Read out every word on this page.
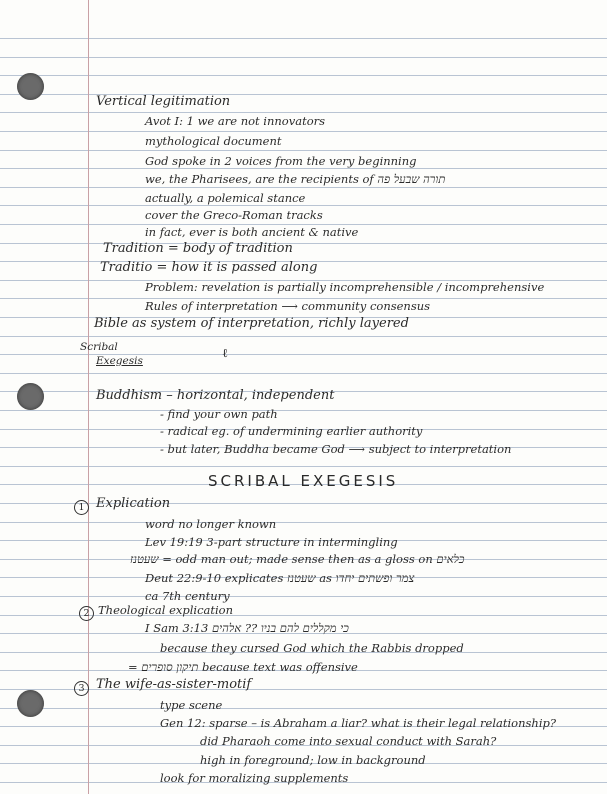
Vertical legitimation
Avot I: 1 we are not innovators
mythological document
God spoke in 2 voices from the very beginning
we, the Pharisees, are the recipients of תורה שבעל פה
actually, a polemical stance
cover the Greco-Roman tracks
in fact, ever is both ancient & native
Tradition = body of tradition
Traditio = how it is passed along
Problem: revelation is partially incomprehensible / incomprehensive
Rules of interpretation ⟶ community consensus
Bible as system of interpretation, richly layered
Scribal
Exegesis
ℓ
Buddhism – horizontal, independent
- find your own path
- radical eg. of undermining earlier authority
- but later, Buddha became God ⟶ subject to interpretation
SCRIBAL EXEGESIS
1 Explication
word no longer known
Lev 19:19 3-part structure in intermingling
שעטנז = odd man out; made sense then as a gloss on כלאים
Deut 22:9-10 explicates שעטנז as צמר ופשתים יחדו
ca 7th century
2 Theological explication
I Sam 3:13 כי מקללים להם בניו ?? אלהים
because they cursed God which the Rabbis dropped
= תיקון סופרים because text was offensive
3 The wife-as-sister-motif
type scene
Gen 12: sparse – is Abraham a liar? what is their legal relationship?
did Pharaoh come into sexual conduct with Sarah?
high in foreground; low in background
look for moralizing supplements
